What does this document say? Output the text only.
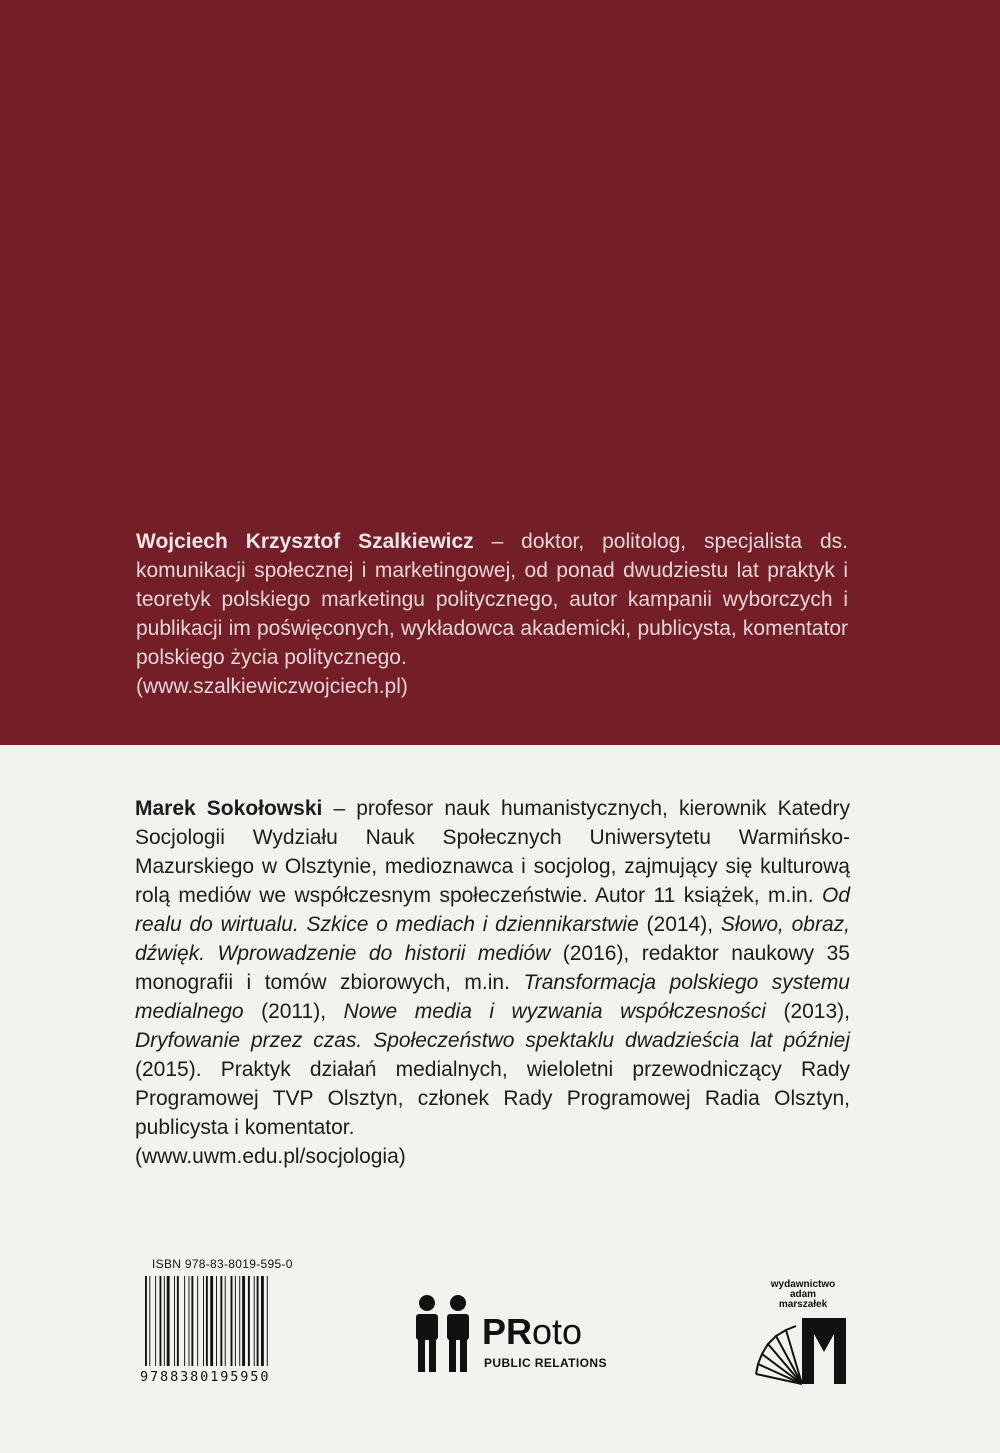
Wojciech Krzysztof Szalkiewicz – doktor, politolog, specjalista ds. komunikacji społecznej i marketingowej, od ponad dwudziestu lat praktyk i teoretyk polskiego marketingu politycznego, autor kampanii wyborczych i publikacji im poświęconych, wykładowca akademicki, publicysta, komentator polskiego życia politycznego.
(www.szalkiewiczwojciech.pl)

Marek Sokołowski – profesor nauk humanistycznych, kierownik Katedry Socjologii Wydziału Nauk Społecznych Uniwersytetu Warmińsko-Mazurskiego w Olsztynie, medioznawca i socjolog, zajmujący się kulturową rolą mediów we współczesnym społeczeństwie. Autor 11 książek, m.in. Od realu do wirtualu. Szkice o mediach i dziennikarstwie (2014), Słowo, obraz, dźwięk. Wprowadzenie do historii mediów (2016), redaktor naukowy 35 monografii i tomów zbiorowych, m.in. Transformacja polskiego systemu medialnego (2011), Nowe media i wyzwania współczesności (2013), Dryfowanie przez czas. Społeczeństwo spektaklu dwadzieścia lat później (2015). Praktyk działań medialnych, wieloletni przewodniczący Rady Programowej TVP Olsztyn, członek Rady Programowej Radia Olsztyn, publicysta i komentator.
(www.uwm.edu.pl/socjologia)

ISBN 978-83-8019-595-0
9788380195950
PRoto
PUBLIC RELATIONS
wydawnictwo
adam
marszałek
